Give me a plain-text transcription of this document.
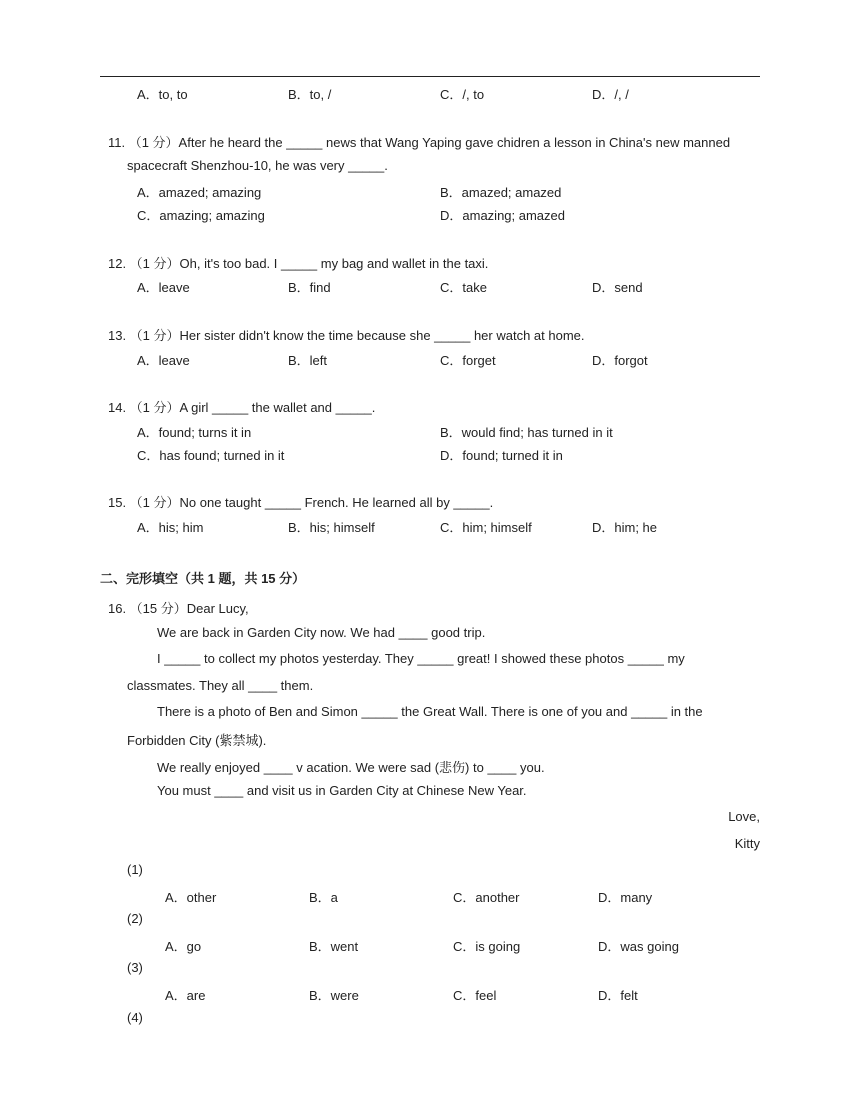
A．to, to	B．to, /	C．/, to	D．/, /
11. （1 分）After he heard the _____ news that Wang Yaping gave chidren a lesson in China's new manned
spacecraft Shenzhou-10, he was very _____.
A．amazed; amazing	B．amazed; amazed
C．amazing; amazing	D．amazing; amazed
12. （1 分）Oh, it's too bad. I _____ my bag and wallet in the taxi.
A．leave	B．find	C．take	D．send
13. （1 分）Her sister didn't know the time because she _____ her watch at home.
A．leave	B．left	C．forget	D．forgot
14. （1 分）A girl _____ the wallet and _____.
A．found; turns it in	B．would find; has turned in it
C．has found; turned in it	D．found; turned it in
15. （1 分）No one taught _____ French. He learned all by _____.
A．his; him	B．his; himself	C．him; himself	D．him; he
二、完形填空（共 1 题，共 15 分）
16. （15 分）Dear Lucy,
We are back in Garden City now. We had ____ good trip.
I _____ to collect my photos yesterday. They _____ great! I showed these photos _____ my
classmates. They all ____ them.
There is a photo of Ben and Simon _____ the Great Wall. There is one of you and _____ in the
Forbidden City (紫禁城).
We really enjoyed ____ v acation. We were sad (悲伤) to ____ you.
You must ____ and visit us in Garden City at Chinese New Year.
Love,
Kitty
(1)
A．other	B．a	C．another	D．many
(2)
A．go	B．went	C．is going	D．was going
(3)
A．are	B．were	C．feel	D．felt
(4)
